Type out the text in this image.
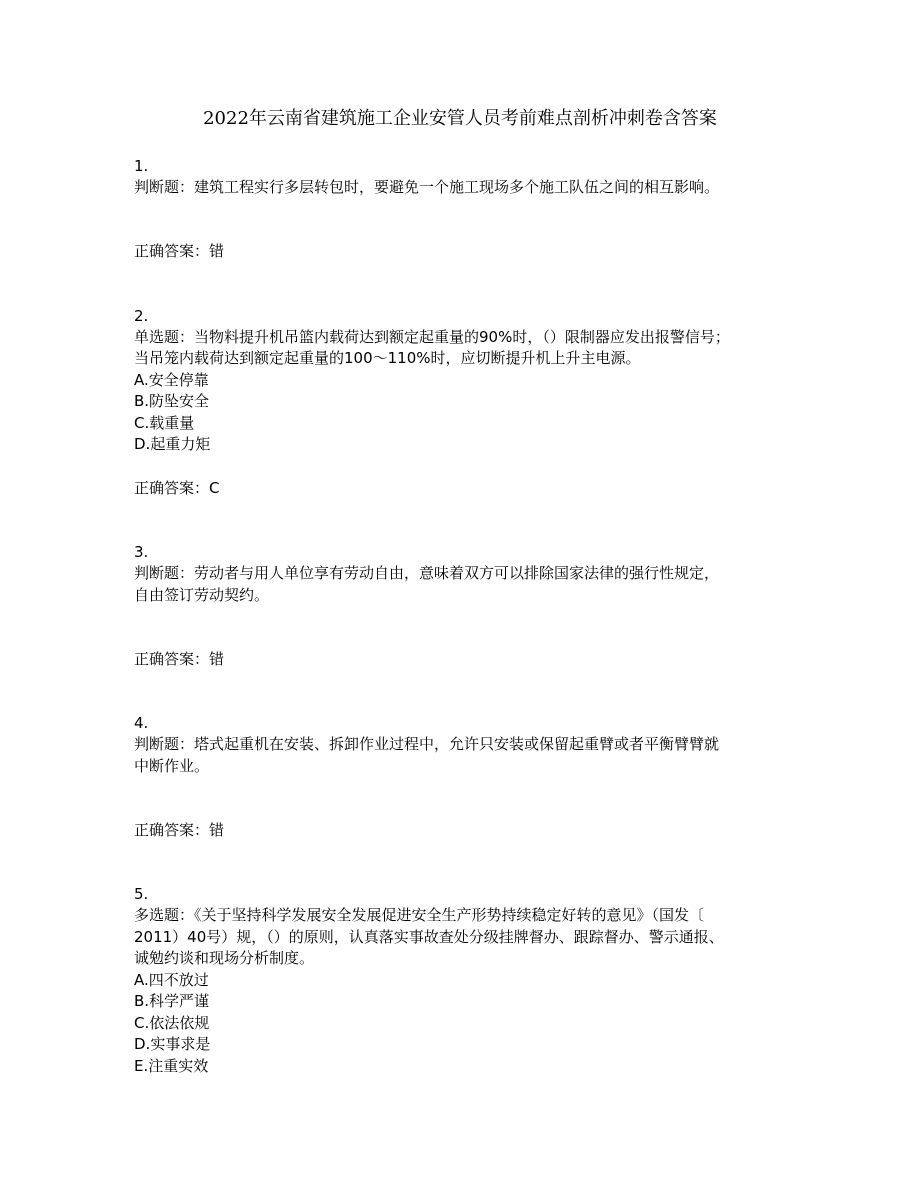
2022年云南省建筑施工企业安管人员考前难点剖析冲刺卷含答案
1.
判断题：建筑工程实行多层转包时，要避免一个施工现场多个施工队伍之间的相互影响。
正确答案：错
2.
单选题：当物料提升机吊篮内载荷达到额定起重量的90%时，（）限制器应发出报警信号；
当吊笼内载荷达到额定起重量的100～110%时，应切断提升机上升主电源。
A.安全停靠
B.防坠安全
C.载重量
D.起重力矩
正确答案：C
3.
判断题：劳动者与用人单位享有劳动自由，意味着双方可以排除国家法律的强行性规定，
自由签订劳动契约。
正确答案：错
4.
判断题：塔式起重机在安装、拆卸作业过程中，允许只安装或保留起重臂或者平衡臂臂就
中断作业。
正确答案：错
5.
多选题：《关于坚持科学发展安全发展促进安全生产形势持续稳定好转的意见》（国发〔
2011）40号）规，（）的原则，认真落实事故查处分级挂牌督办、跟踪督办、警示通报、
诚勉约谈和现场分析制度。
A.四不放过
B.科学严谨
C.依法依规
D.实事求是
E.注重实效
